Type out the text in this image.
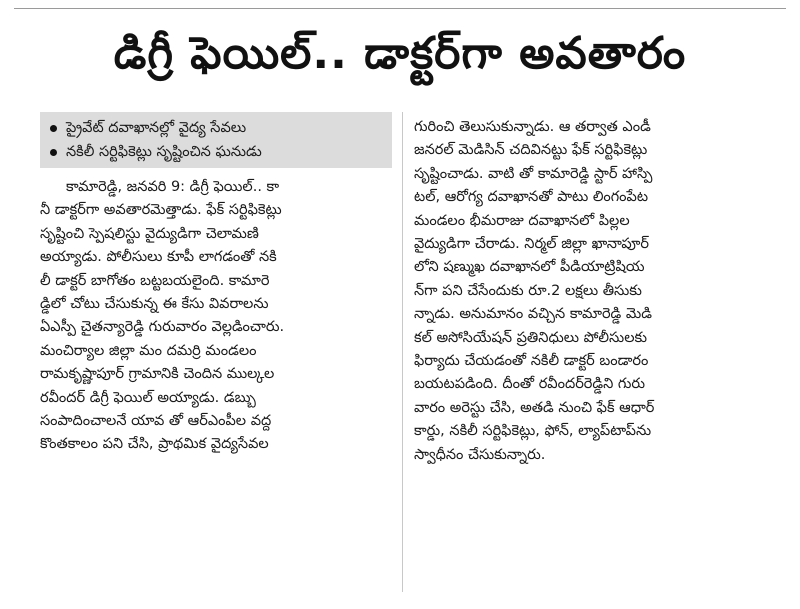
డిగ్రీ ఫెయిల్.. డాక్టర్‌గా అవతారం
ప్రైవేట్ దవాఖానల్లో వైద్య సేవలు
నకిలీ సర్టిఫికెట్లు సృష్టించిన ఘనుడు
కామారెడ్డి, జనవరి 9: డిగ్రీ ఫెయిల్.. కా
నీ డాక్టర్‌గా అవతారమెత్తాడు. ఫేక్ సర్టిఫికెట్లు
సృష్టించి స్పెషలిస్టు వైద్యుడిగా చెలామణి
అయ్యాడు. పోలీసులు కూపీ లాగడంతో నకి
లీ డాక్టర్ బాగోతం బట్టబయలైంది. కామారె
డ్డిలో చోటు చేసుకున్న ఈ కేసు వివరాలను
ఏఎస్పీ చైతన్యారెడ్డి గురువారం వెల్లడించారు.
మంచిర్యాల జిల్లా మం దమర్రి మండలం
రామకృష్ణాపూర్ గ్రామానికి చెందిన ముల్కల
రవీందర్ డిగ్రీ ఫెయిల్ అయ్యాడు. డబ్బు
సంపాదించాలనే యావ తో ఆర్‌ఎంపీల వద్ద
కొంతకాలం పని చేసి, ప్రాథమిక వైద్యసేవల
గురించి తెలుసుకున్నాడు. ఆ తర్వాత ఎండీ
జనరల్ మెడిసిన్ చదివినట్టు ఫేక్ సర్టిఫికెట్లు
సృష్టించాడు. వాటి తో కామారెడ్డి స్టార్ హాస్పి
టల్, ఆరోగ్య దవాఖానతో పాటు లింగంపేట
మండలం భీమరాజు దవాఖానలో పిల్లల
వైద్యుడిగా చేరాడు. నిర్మల్ జిల్లా ఖానాపూర్
లోని షణ్ముఖ దవాఖానలో పీడియాట్రిషియ
న్‌గా పని చేసేందుకు రూ.2 లక్షలు తీసుకు
న్నాడు. అనుమానం వచ్చిన కామారెడ్డి మెడి
కల్ అసోసియేషన్ ప్రతినిధులు పోలీసులకు
ఫిర్యాదు చేయడంతో నకిలీ డాక్టర్ బండారం
బయటపడింది. దీంతో రవీందర్‌రెడ్డిని గురు
వారం అరెస్టు చేసి, అతడి నుంచి ఫేక్ ఆధార్
కార్డు, నకిలీ సర్టిఫికెట్లు, ఫోన్, ల్యాప్‌టాప్‌ను
స్వాధీనం చేసుకున్నారు.
